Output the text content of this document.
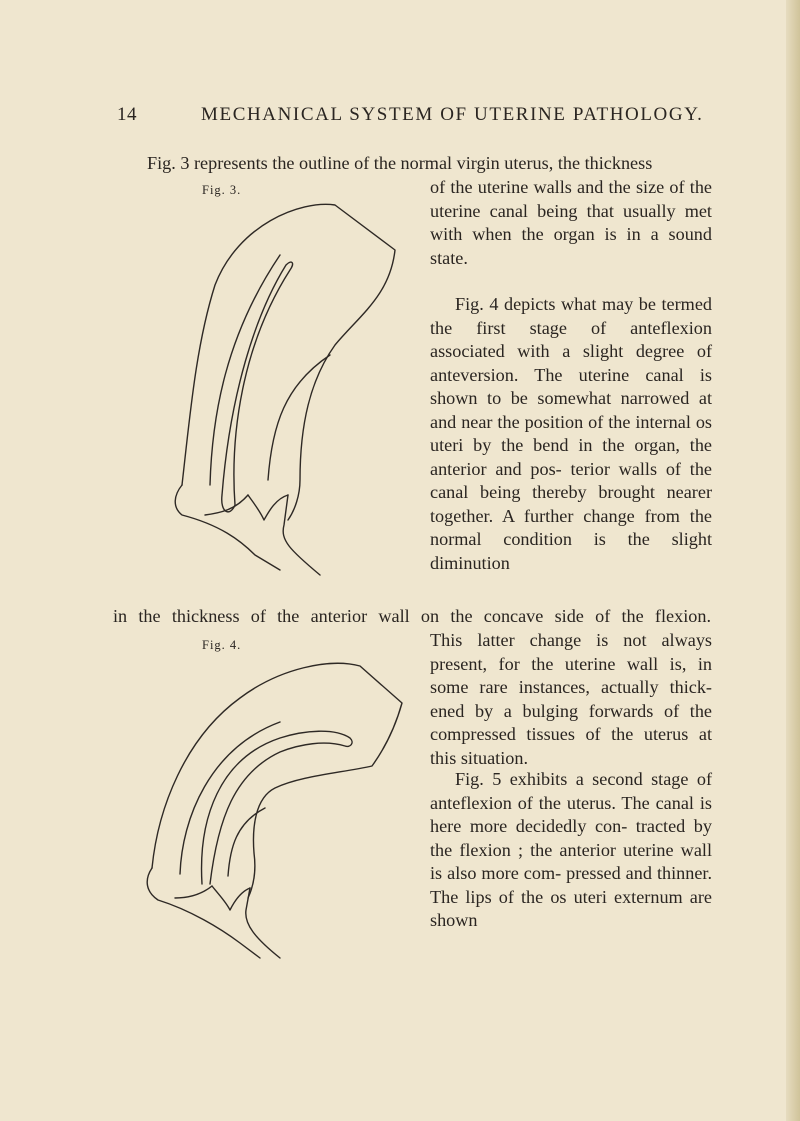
14	MECHANICAL SYSTEM OF UTERINE PATHOLOGY.

Fig. 3 represents the outline of the normal virgin uterus, the thickness

of the uterine walls and the size of the uterine canal being that usually met with when the organ is in a sound state.

Fig. 4 depicts what may be termed the first stage of anteflexion associated with a slight degree of anteversion. The uterine canal is shown to be somewhat narrowed at and near the position of the internal os uteri by the bend in the organ, the anterior and pos- terior walls of the canal being thereby brought nearer together. A further change from the normal condition is the slight diminution

in the thickness of the anterior wall on the concave side of the flexion.

This latter change is not always present, for the uterine wall is, in some rare instances, actually thick- ened by a bulging forwards of the compressed tissues of the uterus at this situation.

Fig. 5 exhibits a second stage of anteflexion of the uterus. The canal is here more decidedly con- tracted by the flexion ; the anterior uterine wall is also more com- pressed and thinner. The lips of the os uteri externum are shown

Fig. 3.
Fig. 4.
